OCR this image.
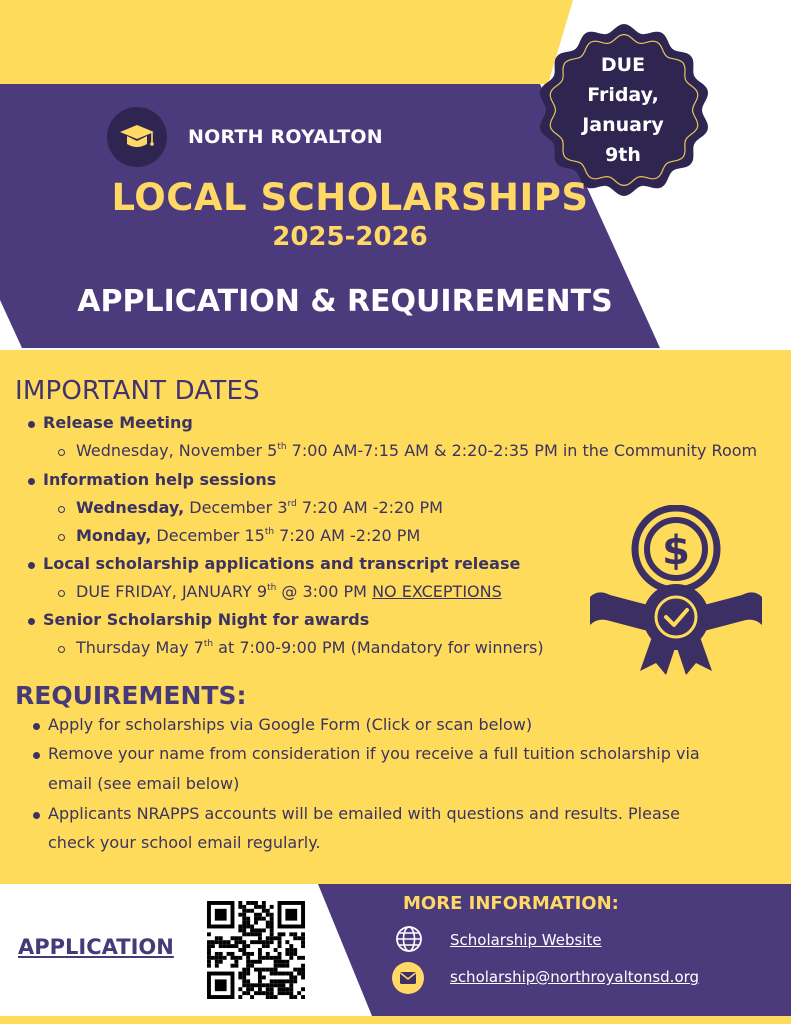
NORTH ROYALTON
LOCAL SCHOLARSHIPS
2025-2026
APPLICATION & REQUIREMENTS
DUE
Friday,
January
9th
IMPORTANT DATES
Release Meeting
Wednesday, November 5th 7:00 AM-7:15 AM & 2:20-2:35 PM in the Community Room
Information help sessions
Wednesday, December 3rd 7:20 AM -2:20 PM
Monday, December 15th 7:20 AM -2:20 PM
Local scholarship applications and transcript release
DUE FRIDAY, JANUARY 9th @ 3:00 PM NO EXCEPTIONS
Senior Scholarship Night for awards
Thursday May 7th at 7:00-9:00 PM (Mandatory for winners)
$
REQUIREMENTS:
Apply for scholarships via Google Form (Click or scan below)
Remove your name from consideration if you receive a full tuition scholarship via
email (see email below)
Applicants NRAPPS accounts will be emailed with questions and results. Please
check your school email regularly.
APPLICATION
MORE INFORMATION:
Scholarship Website
scholarship@northroyaltonsd.org
